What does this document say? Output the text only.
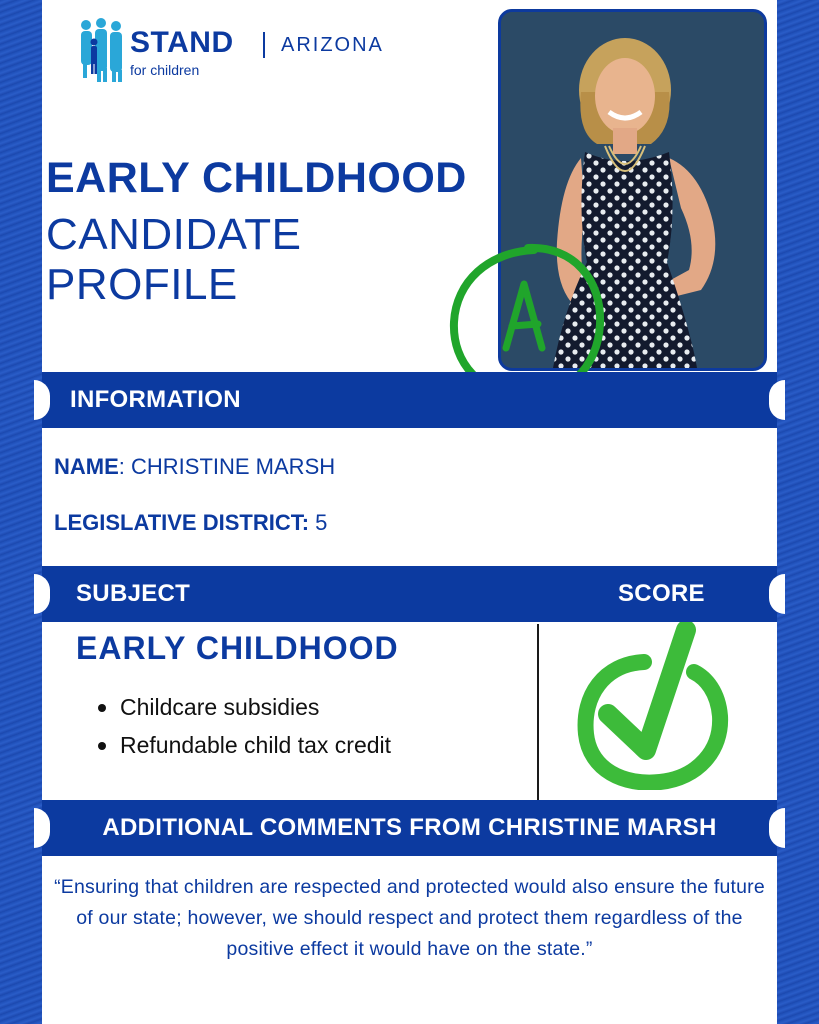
STAND
for children
ARIZONA
EARLY CHILDHOOD
CANDIDATE
PROFILE
A
INFORMATION
NAME: CHRISTINE MARSH
LEGISLATIVE DISTRICT: 5
SUBJECT	SCORE
EARLY CHILDHOOD
Childcare subsidies
Refundable child tax credit
ADDITIONAL COMMENTS FROM CHRISTINE MARSH
“Ensuring that children are respected and protected would also ensure the future of our state; however, we should respect and protect them regardless of the positive effect it would have on the state.”
